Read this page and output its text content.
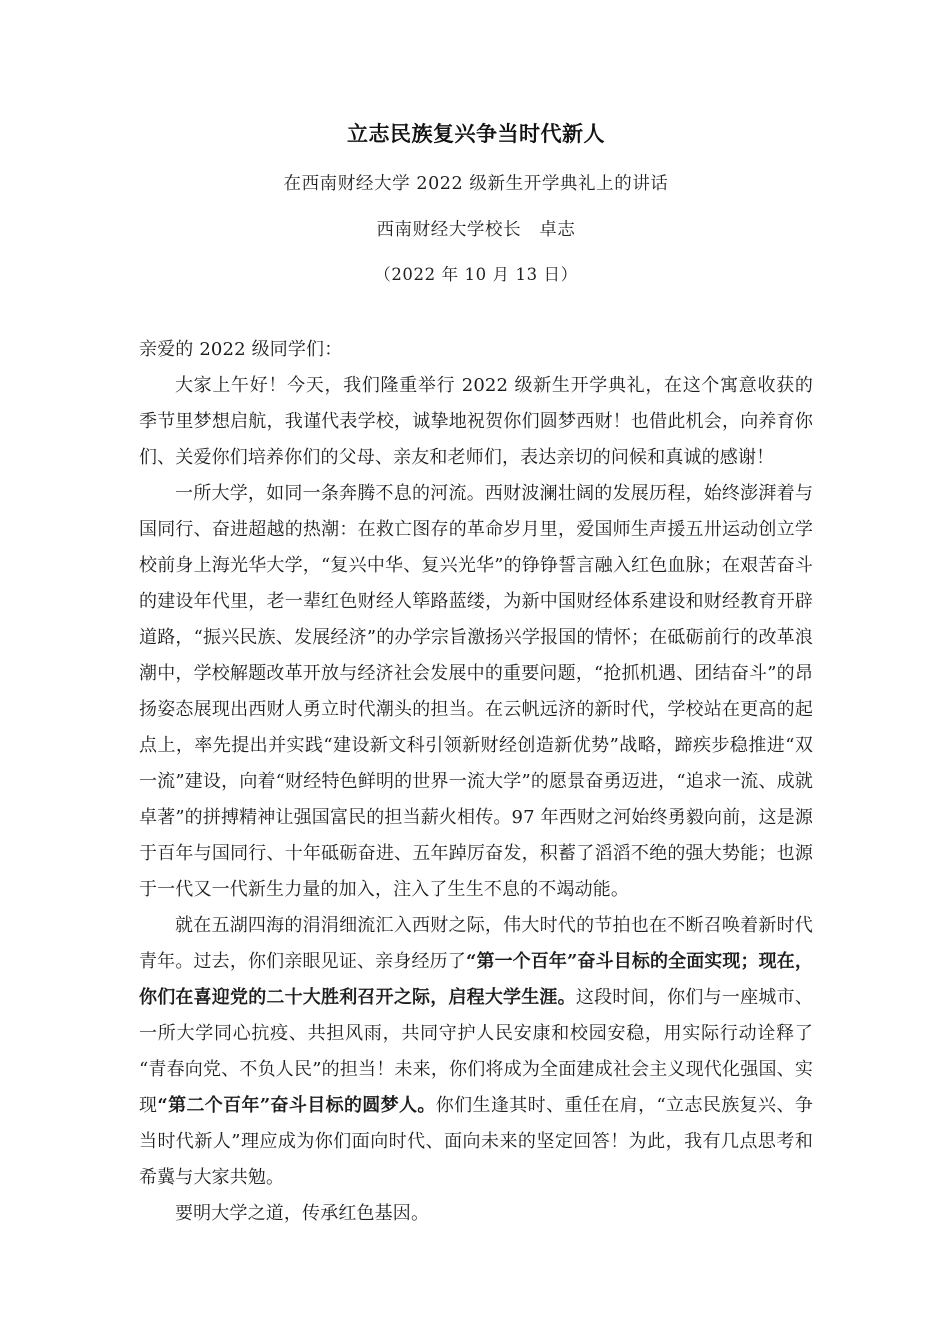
立志民族复兴争当时代新人

在西南财经大学 2022 级新生开学典礼上的讲话

西南财经大学校长　卓志

（2022 年 10 月 13 日）

亲爱的 2022 级同学们：

大家上午好！今天，我们隆重举行 2022 级新生开学典礼，在这个寓意收获的季节里梦想启航，我谨代表学校，诚挚地祝贺你们圆梦西财！也借此机会，向养育你们、关爱你们培养你们的父母、亲友和老师们，表达亲切的问候和真诚的感谢！

一所大学，如同一条奔腾不息的河流。西财波澜壮阔的发展历程，始终澎湃着与国同行、奋进超越的热潮：在救亡图存的革命岁月里，爱国师生声援五卅运动创立学校前身上海光华大学，“复兴中华、复兴光华”的铮铮誓言融入红色血脉；在艰苦奋斗的建设年代里，老一辈红色财经人筚路蓝缕，为新中国财经体系建设和财经教育开辟道路，“振兴民族、发展经济”的办学宗旨激扬兴学报国的情怀；在砥砺前行的改革浪潮中，学校解题改革开放与经济社会发展中的重要问题，“抢抓机遇、团结奋斗”的昂扬姿态展现出西财人勇立时代潮头的担当。在云帆远济的新时代，学校站在更高的起点上，率先提出并实践“建设新文科引领新财经创造新优势”战略，蹄疾步稳推进“双一流”建设，向着“财经特色鲜明的世界一流大学”的愿景奋勇迈进，“追求一流、成就卓著”的拼搏精神让强国富民的担当薪火相传。97 年西财之河始终勇毅向前，这是源于百年与国同行、十年砥砺奋进、五年踔厉奋发，积蓄了滔滔不绝的强大势能；也源于一代又一代新生力量的加入，注入了生生不息的不竭动能。

就在五湖四海的涓涓细流汇入西财之际，伟大时代的节拍也在不断召唤着新时代青年。过去，你们亲眼见证、亲身经历了“第一个百年”奋斗目标的全面实现；现在，你们在喜迎党的二十大胜利召开之际，启程大学生涯。这段时间，你们与一座城市、一所大学同心抗疫、共担风雨，共同守护人民安康和校园安稳，用实际行动诠释了“青春向党、不负人民”的担当！未来，你们将成为全面建成社会主义现代化强国、实现“第二个百年”奋斗目标的圆梦人。你们生逢其时、重任在肩，“立志民族复兴、争当时代新人”理应成为你们面向时代、面向未来的坚定回答！为此，我有几点思考和希冀与大家共勉。

要明大学之道，传承红色基因。
